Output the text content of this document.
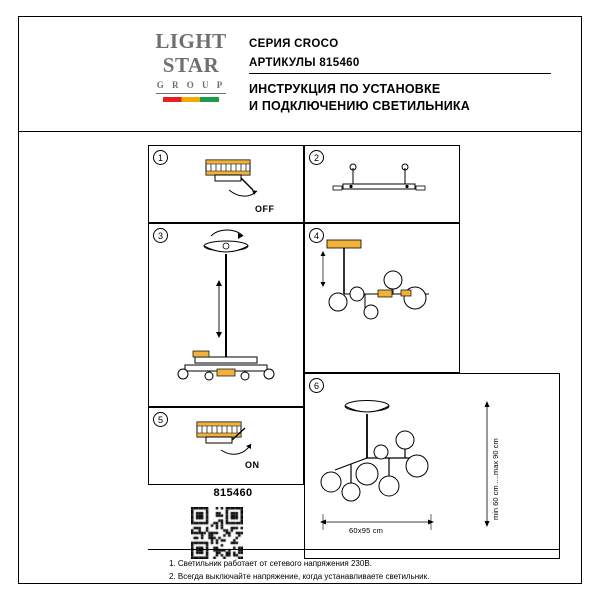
LIGHT
STAR
G R O U P
СЕРИЯ CROCO
АРТИКУЛЫ 815460
ИНСТРУКЦИЯ ПО УСТАНОВКЕ
И ПОДКЛЮЧЕНИЮ СВЕТИЛЬНИКА
1
OFF
2
3	4
5
ON
6
60x95 cm
min 60 cm ....max 90 cm
815460
1. Светильник работает от сетевого напряжения 230В.
2. Всегда выключайте напряжение, когда устанавливаете светильник.
